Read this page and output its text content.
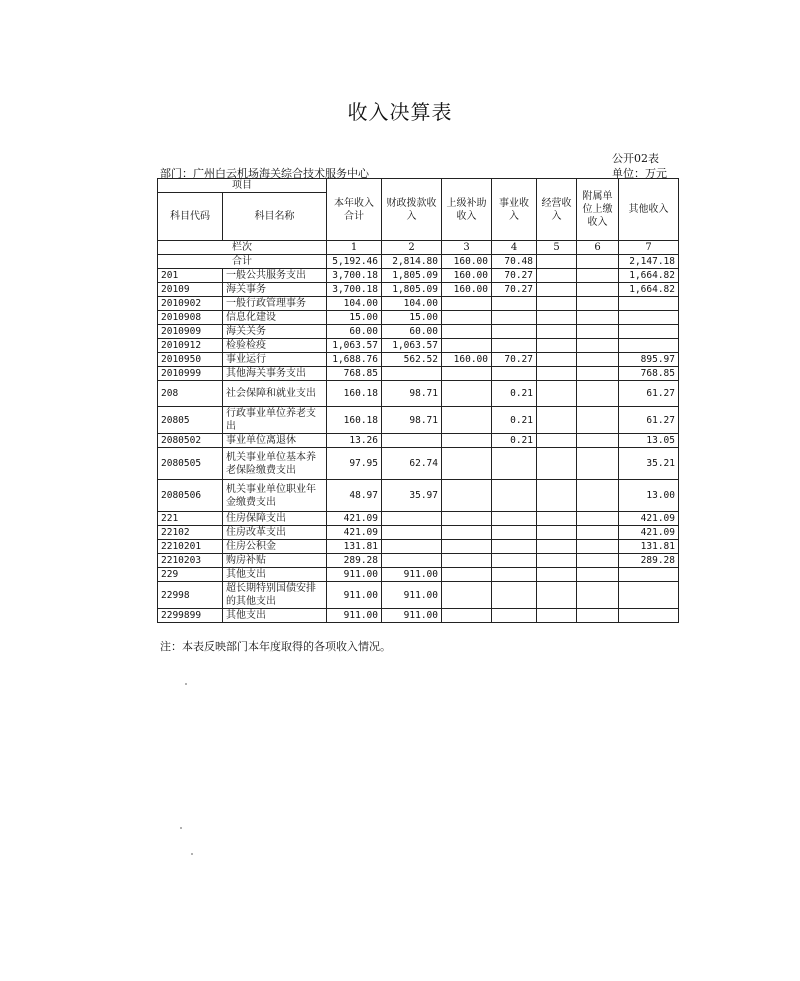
收入决算表
公开02表
部门：广州白云机场海关综合技术服务中心	单位：万元
项目		本年收入合计	财政拨款收入	上级补助收入	事业收入	经营收入	附属单位上缴收入	其他收入
科目代码	科目名称							
栏次		1	2	3	4	5	6	7
合计		5,192.46	2,814.80	160.00	70.48			2,147.18
201	一般公共服务支出	3,700.18	1,805.09	160.00	70.27			1,664.82
20109	海关事务	3,700.18	1,805.09	160.00	70.27			1,664.82
2010902	一般行政管理事务	104.00	104.00					
2010908	信息化建设	15.00	15.00					
2010909	海关关务	60.00	60.00					
2010912	检验检疫	1,063.57	1,063.57					
2010950	事业运行	1,688.76	562.52	160.00	70.27			895.97
2010999	其他海关事务支出	768.85						768.85
208	社会保障和就业支出	160.18	98.71		0.21			61.27
20805	行政事业单位养老支出	160.18	98.71		0.21			61.27
2080502	事业单位离退休	13.26			0.21			13.05
2080505	机关事业单位基本养老保险缴费支出	97.95	62.74					35.21
2080506	机关事业单位职业年金缴费支出	48.97	35.97					13.00
221	住房保障支出	421.09						421.09
22102	住房改革支出	421.09						421.09
2210201	住房公积金	131.81						131.81
2210203	购房补贴	289.28						289.28
229	其他支出	911.00	911.00					
22998	超长期特别国债安排的其他支出	911.00	911.00					
2299899	其他支出	911.00	911.00					
注：本表反映部门本年度取得的各项收入情况。
